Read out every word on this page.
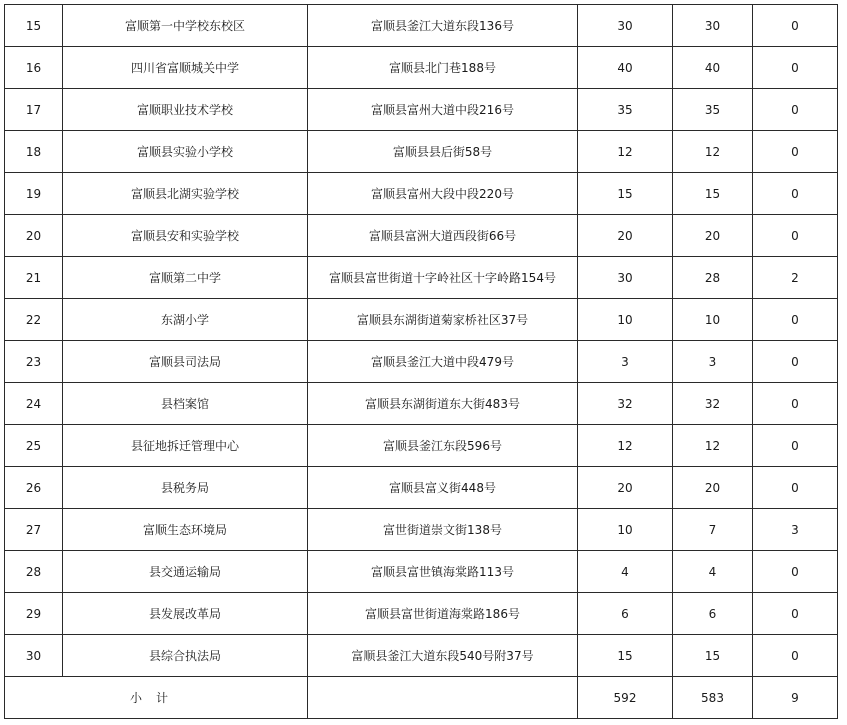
15	富顺第一中学校东校区	富顺县釜江大道东段136号	30	30	0
16	四川省富顺城关中学	富顺县北门巷188号	40	40	0
17	富顺职业技术学校	富顺县富州大道中段216号	35	35	0
18	富顺县实验小学校	富顺县县后街58号	12	12	0
19	富顺县北湖实验学校	富顺县富州大段中段220号	15	15	0
20	富顺县安和实验学校	富顺县富洲大道西段街66号	20	20	0
21	富顺第二中学	富顺县富世街道十字岭社区十字岭路154号	30	28	2
22	东湖小学	富顺县东湖街道菊家桥社区37号	10	10	0
23	富顺县司法局	富顺县釜江大道中段479号	3	3	0
24	县档案馆	富顺县东湖街道东大街483号	32	32	0
25	县征地拆迁管理中心	富顺县釜江东段596号	12	12	0
26	县税务局	富顺县富义街448号	20	20	0
27	富顺生态环境局	富世街道崇文街138号	10	7	3
28	县交通运输局	富顺县富世镇海棠路113号	4	4	0
29	县发展改革局	富顺县富世街道海棠路186号	6	6	0
30	县综合执法局	富顺县釜江大道东段540号附37号	15	15	0
小计			592	583	9
